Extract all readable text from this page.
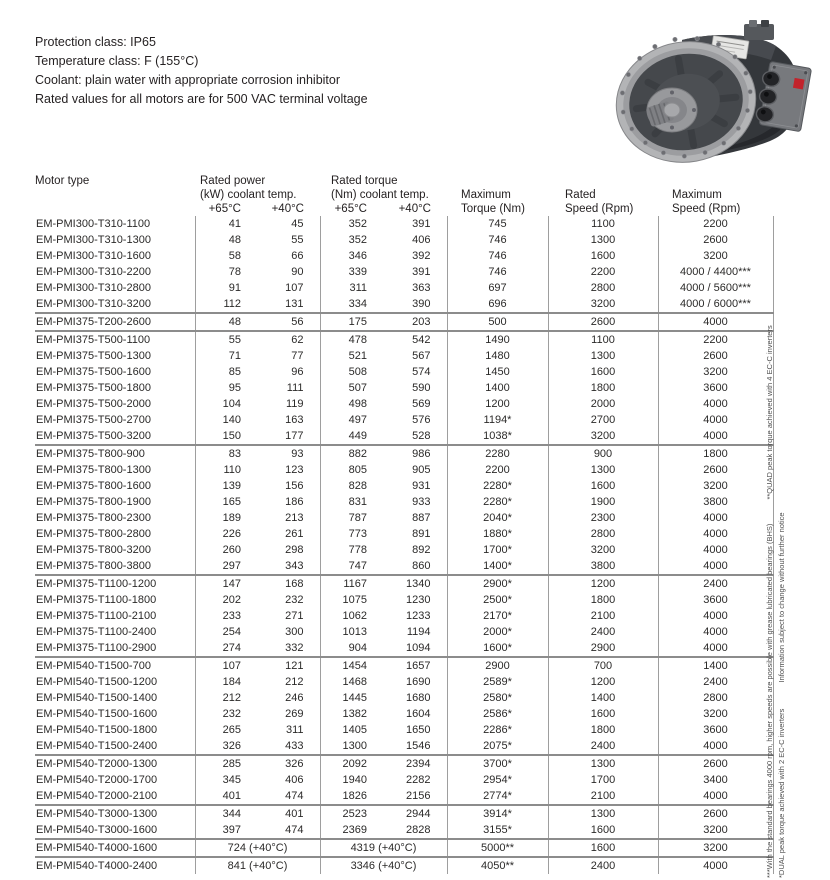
Protection class: IP65
Temperature class: F (155°C)
Coolant: plain water with appropriate corrosion inhibitor
Rated values for all motors are for 500 VAC terminal voltage
Motor type	Rated power		Rated torque				
	(kW) coolant temp.		(Nm) coolant temp.		Maximum	Rated	Maximum
	+65°C	+40°C	+65°C	+40°C	Torque (Nm)	Speed (Rpm)	Speed (Rpm)
EM-PMI300-T310-1100	41	45	352	391	745	1100	2200
EM-PMI300-T310-1300	48	55	352	406	746	1300	2600
EM-PMI300-T310-1600	58	66	346	392	746	1600	3200
EM-PMI300-T310-2200	78	90	339	391	746	2200	4000 / 4400***
EM-PMI300-T310-2800	91	107	311	363	697	2800	4000 / 5600***
EM-PMI300-T310-3200	112	131	334	390	696	3200	4000 / 6000***
EM-PMI375-T200-2600	48	56	175	203	500	2600	4000
EM-PMI375-T500-1100	55	62	478	542	1490	1100	2200
EM-PMI375-T500-1300	71	77	521	567	1480	1300	2600
EM-PMI375-T500-1600	85	96	508	574	1450	1600	3200
EM-PMI375-T500-1800	95	111	507	590	1400	1800	3600
EM-PMI375-T500-2000	104	119	498	569	1200	2000	4000
EM-PMI375-T500-2700	140	163	497	576	1194*	2700	4000
EM-PMI375-T500-3200	150	177	449	528	1038*	3200	4000
EM-PMI375-T800-900	83	93	882	986	2280	900	1800
EM-PMI375-T800-1300	110	123	805	905	2200	1300	2600
EM-PMI375-T800-1600	139	156	828	931	2280*	1600	3200
EM-PMI375-T800-1900	165	186	831	933	2280*	1900	3800
EM-PMI375-T800-2300	189	213	787	887	2040*	2300	4000
EM-PMI375-T800-2800	226	261	773	891	1880*	2800	4000
EM-PMI375-T800-3200	260	298	778	892	1700*	3200	4000
EM-PMI375-T800-3800	297	343	747	860	1400*	3800	4000
EM-PMI375-T1100-1200	147	168	1167	1340	2900*	1200	2400
EM-PMI375-T1100-1800	202	232	1075	1230	2500*	1800	3600
EM-PMI375-T1100-2100	233	271	1062	1233	2170*	2100	4000
EM-PMI375-T1100-2400	254	300	1013	1194	2000*	2400	4000
EM-PMI375-T1100-2900	274	332	904	1094	1600*	2900	4000
EM-PMI540-T1500-700	107	121	1454	1657	2900	700	1400
EM-PMI540-T1500-1200	184	212	1468	1690	2589*	1200	2400
EM-PMI540-T1500-1400	212	246	1445	1680	2580*	1400	2800
EM-PMI540-T1500-1600	232	269	1382	1604	2586*	1600	3200
EM-PMI540-T1500-1800	265	311	1405	1650	2286*	1800	3600
EM-PMI540-T1500-2400	326	433	1300	1546	2075*	2400	4000
EM-PMI540-T2000-1300	285	326	2092	2394	3700*	1300	2600
EM-PMI540-T2000-1700	345	406	1940	2282	2954*	1700	3400
EM-PMI540-T2000-2100	401	474	1826	2156	2774*	2100	4000
EM-PMI540-T3000-1300	344	401	2523	2944	3914*	1300	2600
EM-PMI540-T3000-1600	397	474	2369	2828	3155*	1600	3200
EM-PMI540-T4000-1600	724 (+40°C)		4319 (+40°C)		5000**	1600	3200
EM-PMI540-T4000-2400	841 (+40°C)		3346 (+40°C)		4050**	2400	4000	***With the standard bearings 4000 rpm, higher speeds are possible with grease lubricated bearings (BHS) **QUAD peak torque achieved with 4 EC-C inverters
*DUAL peak torque achieved with 2 EC-C inverters Information subject to change without further notice
